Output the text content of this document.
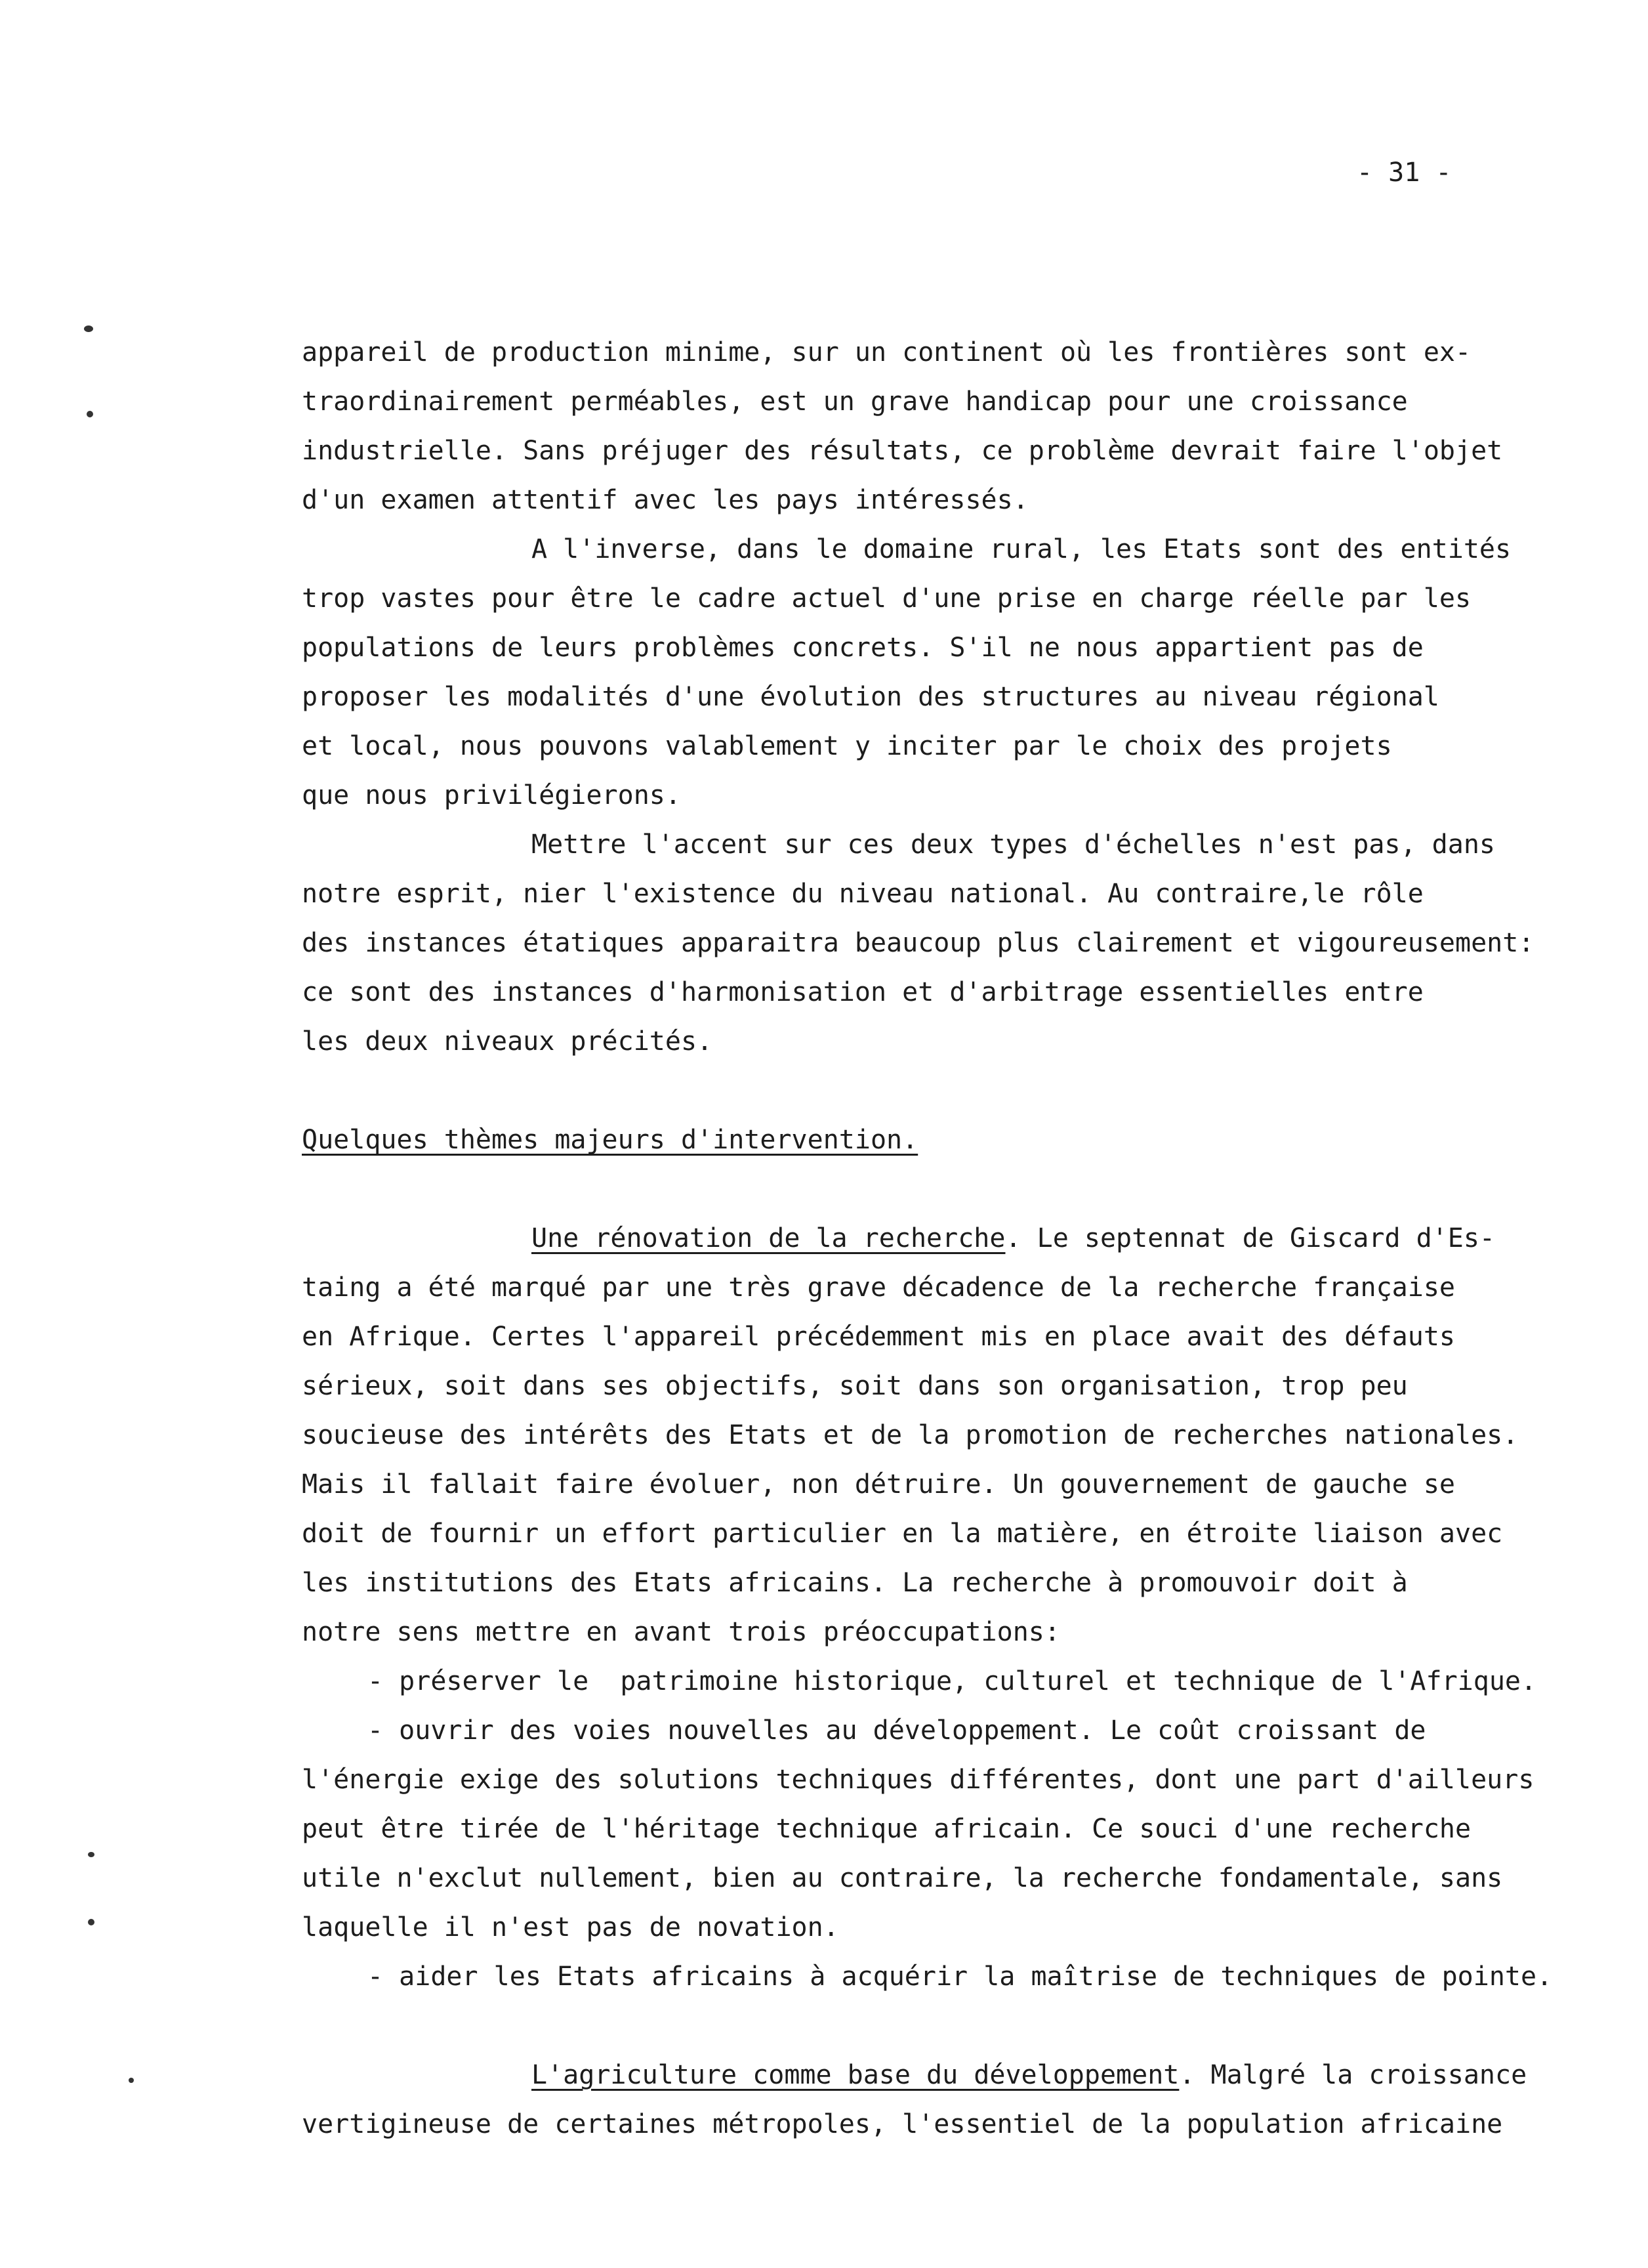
- 31 -
appareil de production minime, sur un continent où les frontières sont ex-
traordinairement perméables, est un grave handicap pour une croissance
industrielle. Sans préjuger des résultats, ce problème devrait faire l'objet
d'un examen attentif avec les pays intéressés.
A l'inverse, dans le domaine rural, les Etats sont des entités
trop vastes pour être le cadre actuel d'une prise en charge réelle par les
populations de leurs problèmes concrets. S'il ne nous appartient pas de
proposer les modalités d'une évolution des structures au niveau régional
et local, nous pouvons valablement y inciter par le choix des projets
que nous privilégierons.
Mettre l'accent sur ces deux types d'échelles n'est pas, dans
notre esprit, nier l'existence du niveau national. Au contraire,le rôle
des instances étatiques apparaitra beaucoup plus clairement et vigoureusement:
ce sont des instances d'harmonisation et d'arbitrage essentielles entre
les deux niveaux précités.
Quelques thèmes majeurs d'intervention.
Une rénovation de la recherche. Le septennat de Giscard d'Es-
taing a été marqué par une très grave décadence de la recherche française
en Afrique. Certes l'appareil précédemment mis en place avait des défauts
sérieux, soit dans ses objectifs, soit dans son organisation, trop peu
soucieuse des intérêts des Etats et de la promotion de recherches nationales.
Mais il fallait faire évoluer, non détruire. Un gouvernement de gauche se
doit de fournir un effort particulier en la matière, en étroite liaison avec
les institutions des Etats africains. La recherche à promouvoir doit à
notre sens mettre en avant trois préoccupations:
- préserver le  patrimoine historique, culturel et technique de l'Afrique.
- ouvrir des voies nouvelles au développement. Le coût croissant de
l'énergie exige des solutions techniques différentes, dont une part d'ailleurs
peut être tirée de l'héritage technique africain. Ce souci d'une recherche
utile n'exclut nullement, bien au contraire, la recherche fondamentale, sans
laquelle il n'est pas de novation.
- aider les Etats africains à acquérir la maîtrise de techniques de pointe.
L'agriculture comme base du développement. Malgré la croissance
vertigineuse de certaines métropoles, l'essentiel de la population africaine
